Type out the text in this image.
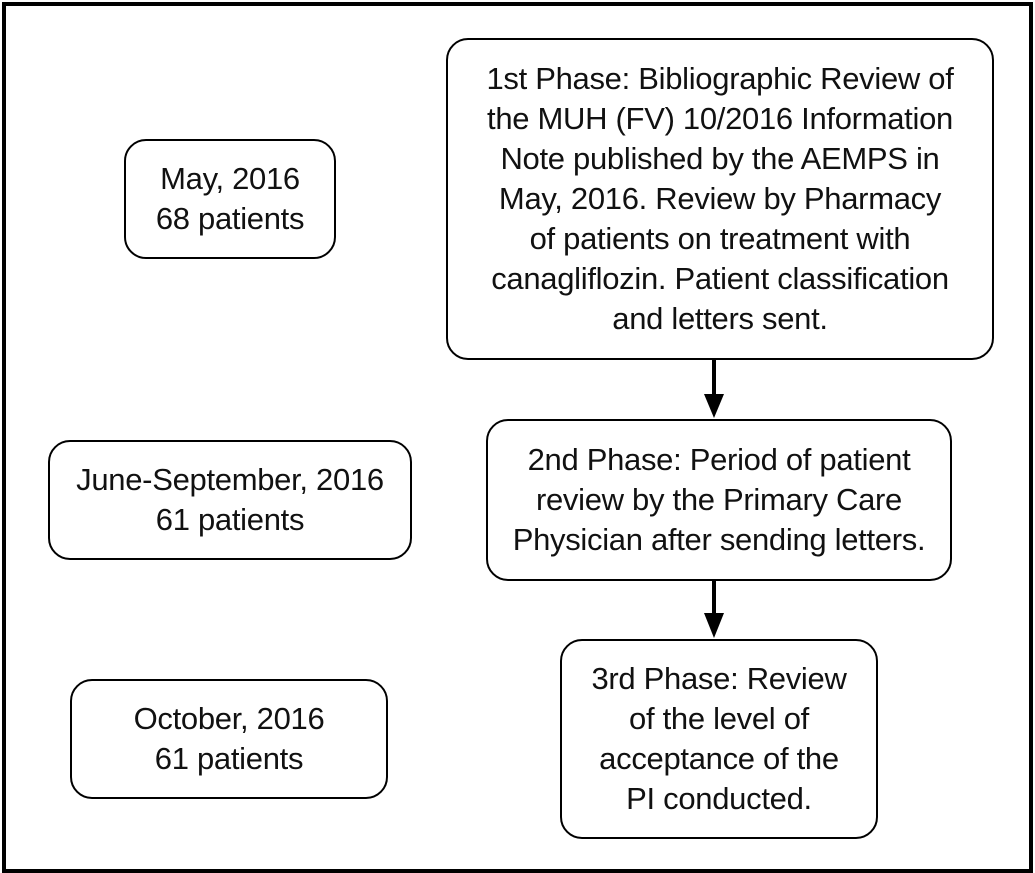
May, 2016
68 patients
June-September, 2016
61 patients
October, 2016
61 patients
1st Phase: Bibliographic Review of
the MUH (FV) 10/2016 Information
Note published by the AEMPS in
May, 2016. Review by Pharmacy
of patients on treatment with
canagliflozin. Patient classification
and letters sent.
2nd Phase: Period of patient
review by the Primary Care
Physician after sending letters.
3rd Phase: Review
of the level of
acceptance of the
PI conducted.
